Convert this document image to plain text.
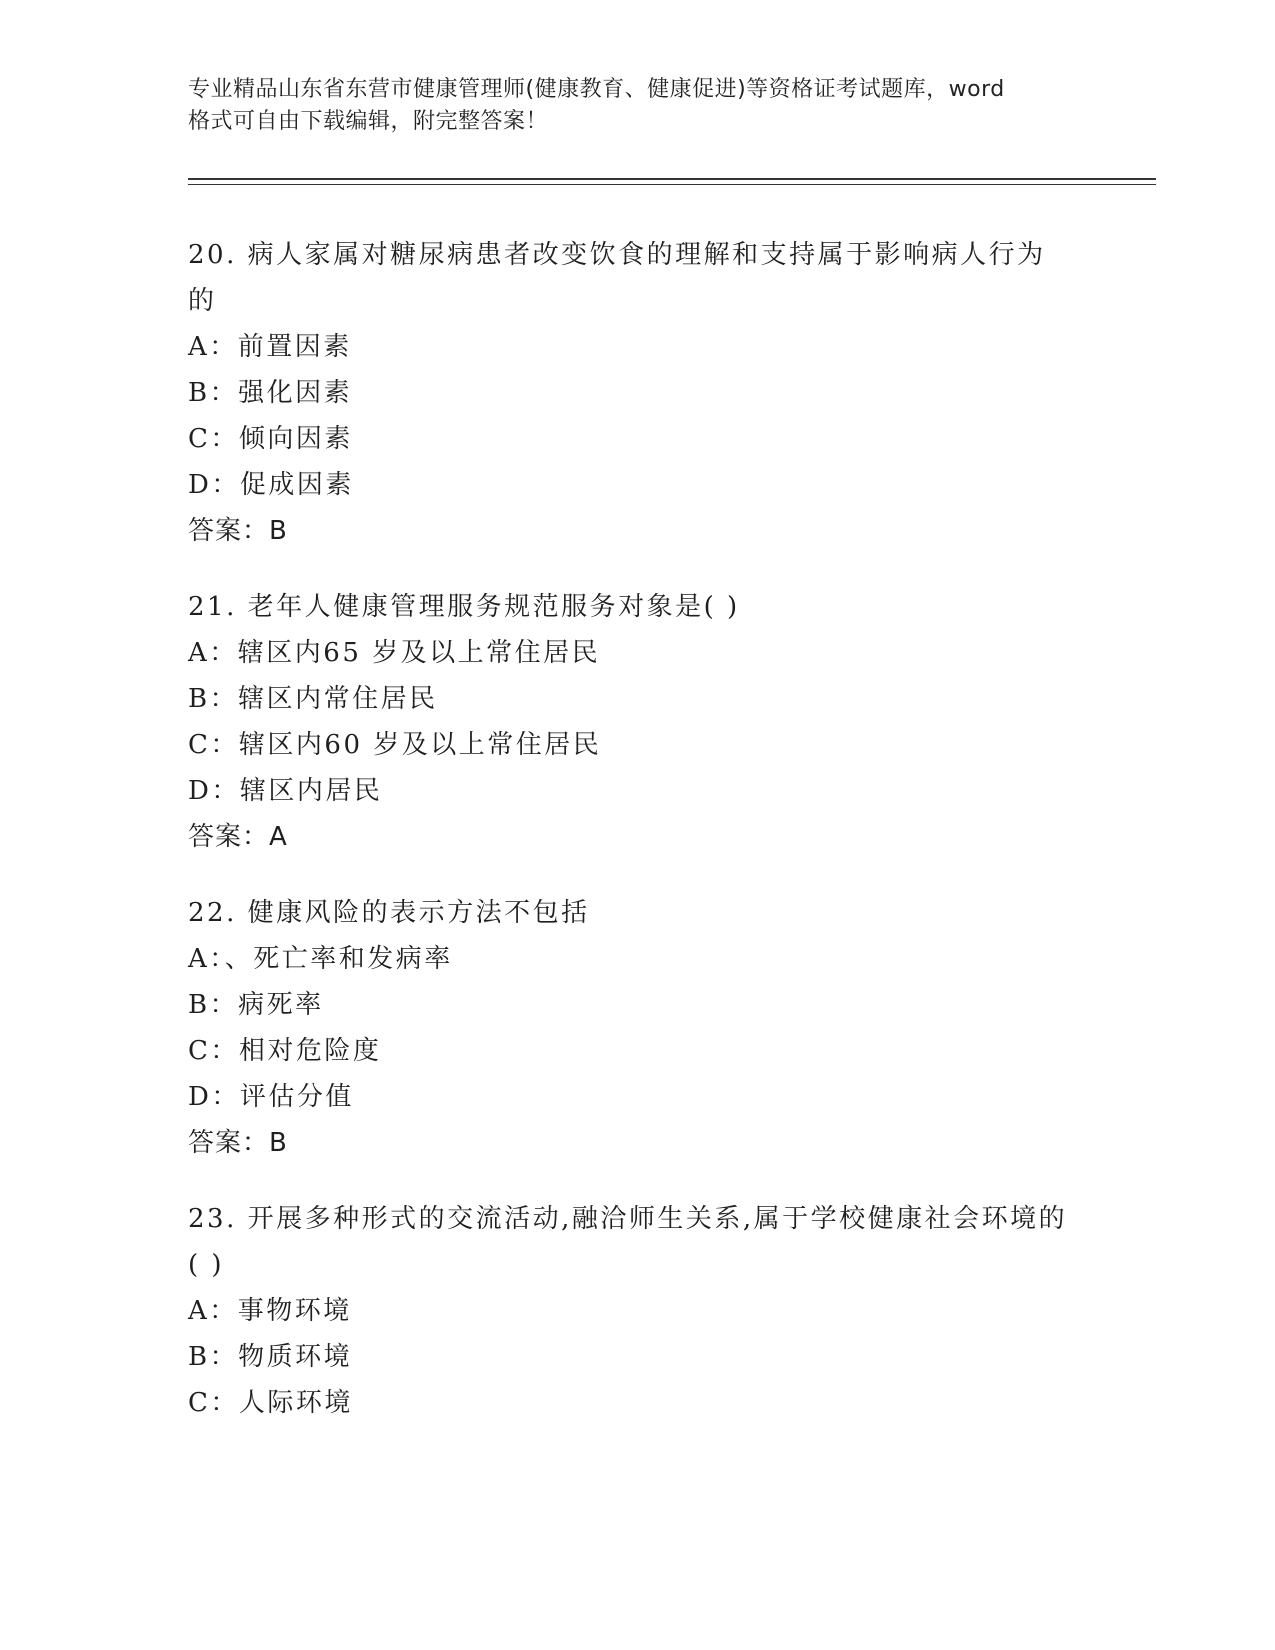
专业精品山东省东营市健康管理师(健康教育、健康促进)等资格证考试题库，word
格式可自由下载编辑，附完整答案！

20. 病人家属对糖尿病患者改变饮食的理解和支持属于影响病人行为的

A：前置因素

B：强化因素

C：倾向因素

D：促成因素

答案：B

21. 老年人健康管理服务规范服务对象是( )

A：辖区内65 岁及以上常住居民

B：辖区内常住居民

C：辖区内60 岁及以上常住居民

D：辖区内居民

答案：A

22. 健康风险的表示方法不包括

A：、死亡率和发病率

B：病死率

C：相对危险度

D：评估分值

答案：B

23. 开展多种形式的交流活动,融洽师生关系,属于学校健康社会环境的( )

A：事物环境

B：物质环境

C：人际环境
